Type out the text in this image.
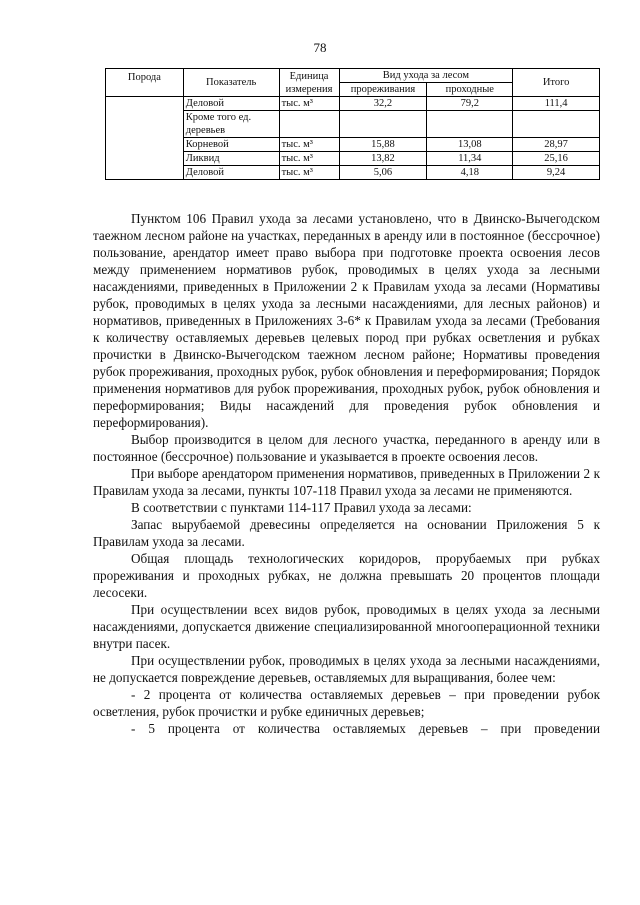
78
Порода	Показатель	Единица измерения	Вид ухода за лесом		Итого
			прореживания	проходные	
	Деловой	тыс. м³	32,2	79,2	111,4
	Кроме того ед. деревьев				
	Корневой	тыс. м³	15,88	13,08	28,97
	Ликвид	тыс. м³	13,82	11,34	25,16
	Деловой	тыс. м³	5,06	4,18	9,24

Пунктом 106 Правил ухода за лесами установлено, что в Двинско-Вычегодском таежном лесном районе на участках, переданных в аренду или в постоянное (бессрочное) пользование, арендатор имеет право выбора при подготовке проекта освоения лесов между применением нормативов рубок, проводимых в целях ухода за лесными насаждениями, приведенных в Приложении 2 к Правилам ухода за лесами (Нормативы рубок, проводимых в целях ухода за лесными насаждениями, для лесных районов) и нормативов, приведенных в Приложениях 3-6* к Правилам ухода за лесами (Требования к количеству оставляемых деревьев целевых пород при рубках осветления и рубках прочистки в Двинско-Вычегодском таежном лесном районе; Нормативы проведения рубок прореживания, проходных рубок, рубок обновления и переформирования; Порядок применения нормативов для рубок прореживания, проходных рубок, рубок обновления и переформирования; Виды насаждений для проведения рубок обновления и переформирования).

Выбор производится в целом для лесного участка, переданного в аренду или в постоянное (бессрочное) пользование и указывается в проекте освоения лесов.

При выборе арендатором применения нормативов, приведенных в Приложении 2 к Правилам ухода за лесами, пункты 107-118 Правил ухода за лесами не применяются.

В соответствии с пунктами 114-117 Правил ухода за лесами:

Запас вырубаемой древесины определяется на основании Приложения 5 к Правилам ухода за лесами.

Общая площадь технологических коридоров, прорубаемых при рубках прореживания и проходных рубках, не должна превышать 20 процентов площади лесосеки.

При осуществлении всех видов рубок, проводимых в целях ухода за лесными насаждениями, допускается движение специализированной многооперационной техники внутри пасек.

При осуществлении рубок, проводимых в целях ухода за лесными насаждениями, не допускается повреждение деревьев, оставляемых для выращивания, более чем:

- 2 процента от количества оставляемых деревьев – при проведении рубок осветления, рубок прочистки и рубке единичных деревьев;

- 5 процента от количества оставляемых деревьев – при проведении
